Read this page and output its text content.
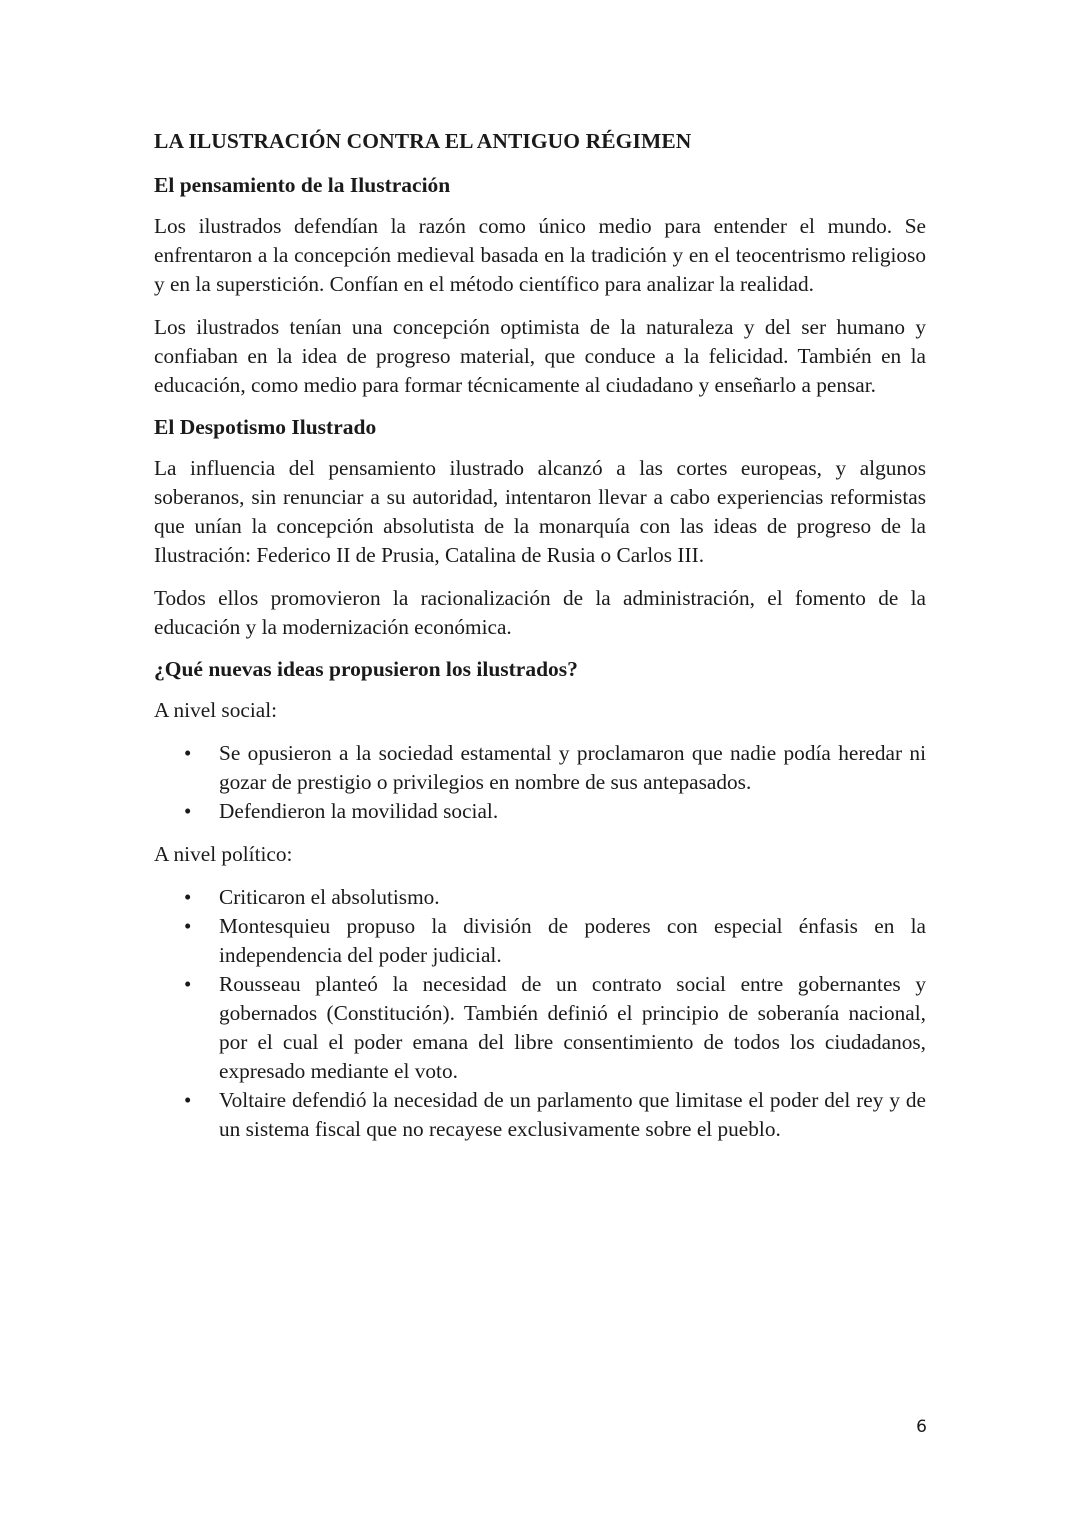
LA ILUSTRACIÓN CONTRA EL ANTIGUO RÉGIMEN
El pensamiento de la Ilustración

Los ilustrados defendían la razón como único medio para entender el mundo. Se enfrentaron a la concepción medieval basada en la tradición y en el teocentrismo religioso y en la superstición. Confían en el método científico para analizar la realidad.

Los ilustrados tenían una concepción optimista de la naturaleza y del ser humano y confiaban en la idea de progreso material, que conduce a la felicidad. También en la educación, como medio para formar técnicamente al ciudadano y enseñarlo a pensar.

El Despotismo Ilustrado

La influencia del pensamiento ilustrado alcanzó a las cortes europeas, y algunos soberanos, sin renunciar a su autoridad, intentaron llevar a cabo experiencias reformistas que unían la concepción absolutista de la monarquía con las ideas de progreso de la Ilustración: Federico II de Prusia, Catalina de Rusia o Carlos III.

Todos ellos promovieron la racionalización de la administración, el fomento de la educación y la modernización económica.

¿Qué nuevas ideas propusieron los ilustrados?
A nivel social:
• Se opusieron a la sociedad estamental y proclamaron que nadie podía heredar ni gozar de prestigio o privilegios en nombre de sus antepasados.
• Defendieron la movilidad social.
A nivel político:
• Criticaron el absolutismo.
• Montesquieu propuso la división de poderes con especial énfasis en la independencia del poder judicial.
• Rousseau planteó la necesidad de un contrato social entre gobernantes y gobernados (Constitución). También definió el principio de soberanía nacional, por el cual el poder emana del libre consentimiento de todos los ciudadanos, expresado mediante el voto.
• Voltaire defendió la necesidad de un parlamento que limitase el poder del rey y de un sistema fiscal que no recayese exclusivamente sobre el pueblo.
6
